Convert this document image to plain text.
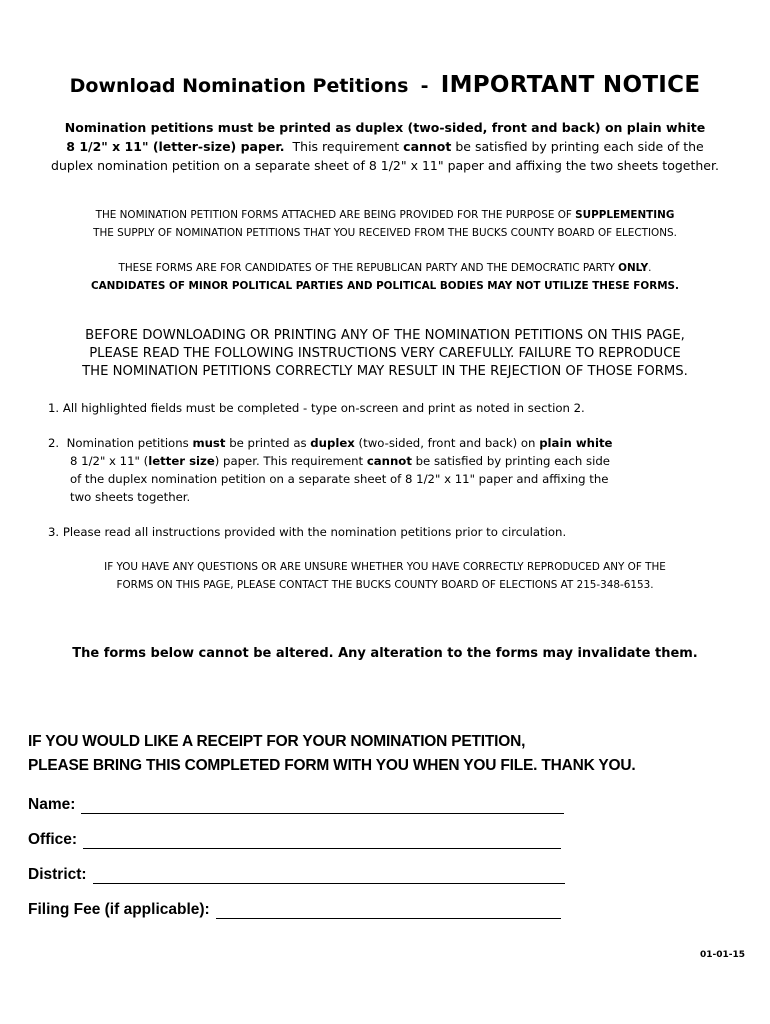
Download Nomination Petitions - IMPORTANT NOTICE
Nomination petitions must be printed as duplex (two-sided, front and back) on plain white
8 1/2" x 11" (letter-size) paper. This requirement cannot be satisfied by printing each side of the
duplex nomination petition on a separate sheet of 8 1/2" x 11" paper and affixing the two sheets together.
THE NOMINATION PETITION FORMS ATTACHED ARE BEING PROVIDED FOR THE PURPOSE OF SUPPLEMENTING
THE SUPPLY OF NOMINATION PETITIONS THAT YOU RECEIVED FROM THE BUCKS COUNTY BOARD OF ELECTIONS.
THESE FORMS ARE FOR CANDIDATES OF THE REPUBLICAN PARTY AND THE DEMOCRATIC PARTY ONLY.
CANDIDATES OF MINOR POLITICAL PARTIES AND POLITICAL BODIES MAY NOT UTILIZE THESE FORMS.
BEFORE DOWNLOADING OR PRINTING ANY OF THE NOMINATION PETITIONS ON THIS PAGE,
PLEASE READ THE FOLLOWING INSTRUCTIONS VERY CAREFULLY. FAILURE TO REPRODUCE
THE NOMINATION PETITIONS CORRECTLY MAY RESULT IN THE REJECTION OF THOSE FORMS.
1. All highlighted fields must be completed - type on-screen and print as noted in section 2.
2. Nomination petitions must be printed as duplex (two-sided, front and back) on plain white
8 1/2" x 11" (letter size) paper. This requirement cannot be satisfied by printing each side
of the duplex nomination petition on a separate sheet of 8 1/2" x 11" paper and affixing the
two sheets together.
3. Please read all instructions provided with the nomination petitions prior to circulation.
IF YOU HAVE ANY QUESTIONS OR ARE UNSURE WHETHER YOU HAVE CORRECTLY REPRODUCED ANY OF THE
FORMS ON THIS PAGE, PLEASE CONTACT THE BUCKS COUNTY BOARD OF ELECTIONS AT 215-348-6153.
The forms below cannot be altered. Any alteration to the forms may invalidate them.
IF YOU WOULD LIKE A RECEIPT FOR YOUR NOMINATION PETITION,
PLEASE BRING THIS COMPLETED FORM WITH YOU WHEN YOU FILE. THANK YOU.
Name:
Office:
District:
Filing Fee (if applicable):
01-01-15
